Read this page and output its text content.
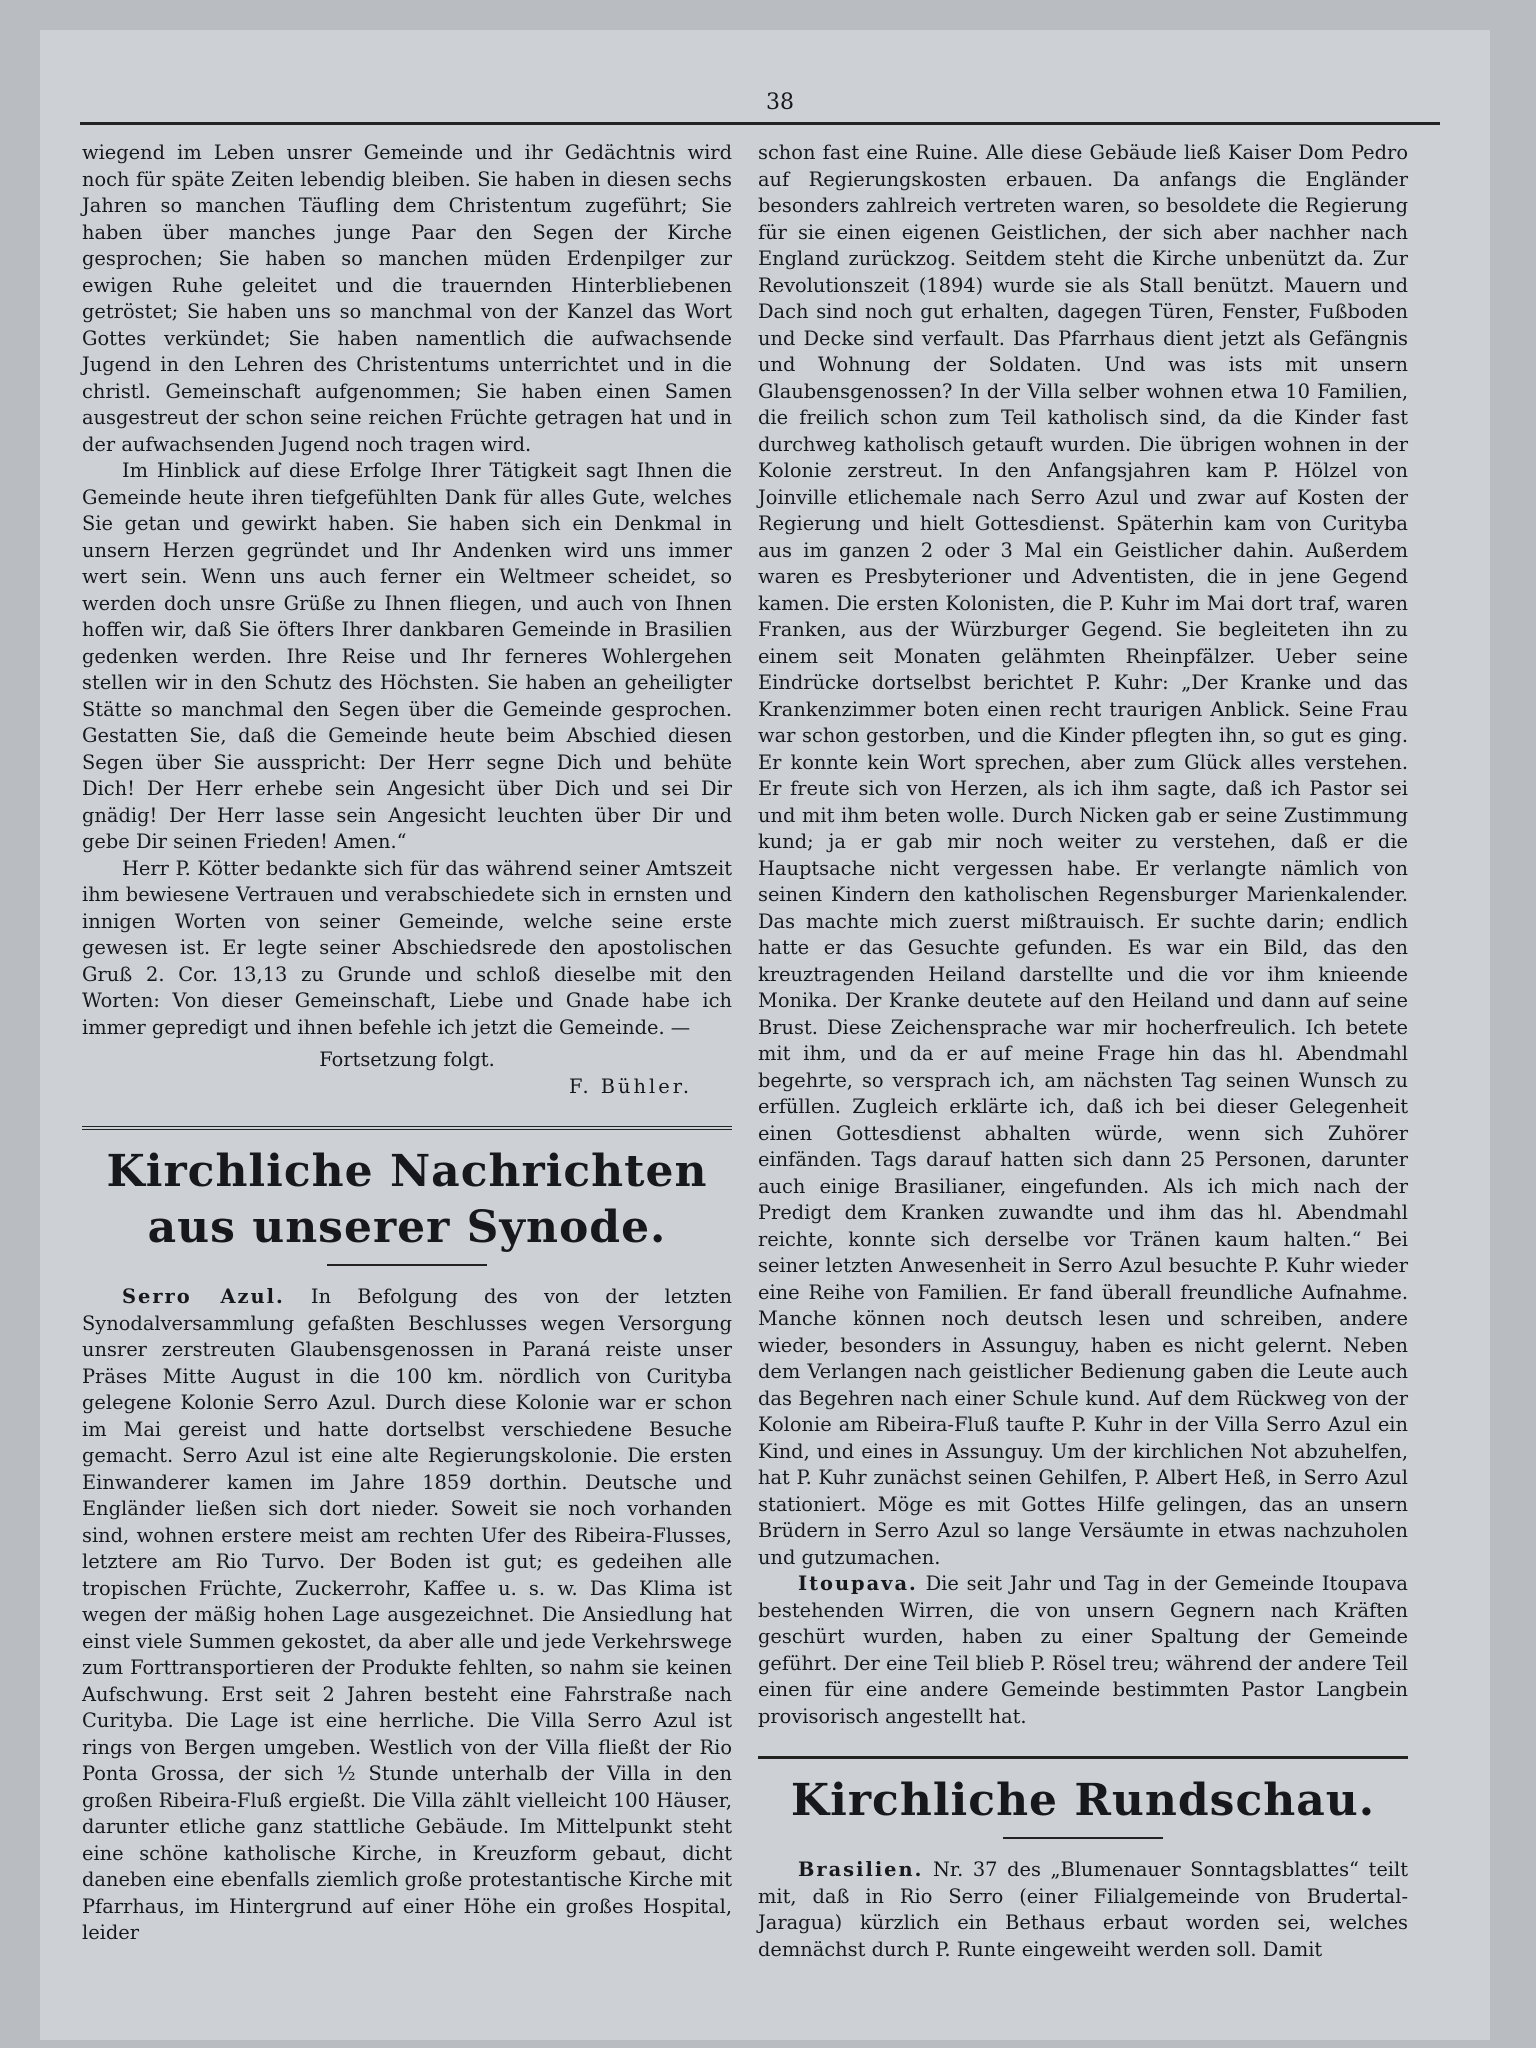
38

wiegend im Leben unsrer Gemeinde und ihr Gedächtnis wird noch für späte Zeiten lebendig bleiben. Sie haben in diesen sechs Jahren so manchen Täufling dem Christentum zugeführt; Sie haben über manches junge Paar den Segen der Kirche gesprochen; Sie haben so manchen müden Erdenpilger zur ewigen Ruhe geleitet und die trauernden Hinterbliebenen getröstet; Sie haben uns so manchmal von der Kanzel das Wort Gottes verkündet; Sie haben namentlich die aufwachsende Jugend in den Lehren des Christentums unterrichtet und in die christl. Gemeinschaft aufgenommen; Sie haben einen Samen ausgestreut der schon seine reichen Früchte getragen hat und in der aufwachsenden Jugend noch tragen wird.

Im Hinblick auf diese Erfolge Ihrer Tätigkeit sagt Ihnen die Gemeinde heute ihren tiefgefühlten Dank für alles Gute, welches Sie getan und gewirkt haben. Sie haben sich ein Denkmal in unsern Herzen gegründet und Ihr Andenken wird uns immer wert sein. Wenn uns auch ferner ein Weltmeer scheidet, so werden doch unsre Grüße zu Ihnen fliegen, und auch von Ihnen hoffen wir, daß Sie öfters Ihrer dankbaren Gemeinde in Brasilien gedenken werden. Ihre Reise und Ihr ferneres Wohlergehen stellen wir in den Schutz des Höchsten. Sie haben an geheiligter Stätte so manchmal den Segen über die Gemeinde gesprochen. Gestatten Sie, daß die Gemeinde heute beim Abschied diesen Segen über Sie ausspricht: Der Herr segne Dich und behüte Dich! Der Herr erhebe sein Angesicht über Dich und sei Dir gnädig! Der Herr lasse sein Angesicht leuchten über Dir und gebe Dir seinen Frieden! Amen.“

Herr P. Kötter bedankte sich für das während seiner Amtszeit ihm bewiesene Vertrauen und verabschiedete sich in ernsten und innigen Worten von seiner Gemeinde, welche seine erste gewesen ist. Er legte seiner Abschiedsrede den apostolischen Gruß 2. Cor. 13,13 zu Grunde und schloß dieselbe mit den Worten: Von dieser Gemeinschaft, Liebe und Gnade habe ich immer gepredigt und ihnen befehle ich jetzt die Gemeinde. —

Fortsetzung folgt.
F. Bühler.
Kirchliche Nachrichten aus unserer Synode.

Serro Azul. In Befolgung des von der letzten Synodalversammlung gefaßten Beschlusses wegen Versorgung unsrer zerstreuten Glaubensgenossen in Paraná reiste unser Präses Mitte August in die 100 km. nördlich von Curityba gelegene Kolonie Serro Azul. Durch diese Kolonie war er schon im Mai gereist und hatte dortselbst verschiedene Besuche gemacht. Serro Azul ist eine alte Regierungskolonie. Die ersten Einwanderer kamen im Jahre 1859 dorthin. Deutsche und Engländer ließen sich dort nieder. Soweit sie noch vorhanden sind, wohnen erstere meist am rechten Ufer des Ribeira-Flusses, letztere am Rio Turvo. Der Boden ist gut; es gedeihen alle tropischen Früchte, Zuckerrohr, Kaffee u. s. w. Das Klima ist wegen der mäßig hohen Lage ausgezeichnet. Die Ansiedlung hat einst viele Summen gekostet, da aber alle und jede Verkehrswege zum Forttransportieren der Produkte fehlten, so nahm sie keinen Aufschwung. Erst seit 2 Jahren besteht eine Fahrstraße nach Curityba. Die Lage ist eine herrliche. Die Villa Serro Azul ist rings von Bergen umgeben. Westlich von der Villa fließt der Rio Ponta Grossa, der sich ½ Stunde unterhalb der Villa in den großen Ribeira-Fluß ergießt. Die Villa zählt vielleicht 100 Häuser, darunter etliche ganz stattliche Gebäude. Im Mittelpunkt steht eine schöne katholische Kirche, in Kreuzform gebaut, dicht daneben eine ebenfalls ziemlich große protestantische Kirche mit Pfarrhaus, im Hintergrund auf einer Höhe ein großes Hospital, leider

schon fast eine Ruine. Alle diese Gebäude ließ Kaiser Dom Pedro auf Regierungskosten erbauen. Da anfangs die Engländer besonders zahlreich vertreten waren, so besoldete die Regierung für sie einen eigenen Geistlichen, der sich aber nachher nach England zurückzog. Seitdem steht die Kirche unbenützt da. Zur Revolutionszeit (1894) wurde sie als Stall benützt. Mauern und Dach sind noch gut erhalten, dagegen Türen, Fenster, Fußboden und Decke sind verfault. Das Pfarrhaus dient jetzt als Gefängnis und Wohnung der Soldaten. Und was ists mit unsern Glaubensgenossen? In der Villa selber wohnen etwa 10 Familien, die freilich schon zum Teil katholisch sind, da die Kinder fast durchweg katholisch getauft wurden. Die übrigen wohnen in der Kolonie zerstreut. In den Anfangsjahren kam P. Hölzel von Joinville etlichemale nach Serro Azul und zwar auf Kosten der Regierung und hielt Gottesdienst. Späterhin kam von Curityba aus im ganzen 2 oder 3 Mal ein Geistlicher dahin. Außerdem waren es Presbyterioner und Adventisten, die in jene Gegend kamen. Die ersten Kolonisten, die P. Kuhr im Mai dort traf, waren Franken, aus der Würzburger Gegend. Sie begleiteten ihn zu einem seit Monaten gelähmten Rheinpfälzer. Ueber seine Eindrücke dortselbst berichtet P. Kuhr: „Der Kranke und das Krankenzimmer boten einen recht traurigen Anblick. Seine Frau war schon gestorben, und die Kinder pflegten ihn, so gut es ging. Er konnte kein Wort sprechen, aber zum Glück alles verstehen. Er freute sich von Herzen, als ich ihm sagte, daß ich Pastor sei und mit ihm beten wolle. Durch Nicken gab er seine Zustimmung kund; ja er gab mir noch weiter zu verstehen, daß er die Hauptsache nicht vergessen habe. Er verlangte nämlich von seinen Kindern den katholischen Regensburger Marienkalender. Das machte mich zuerst mißtrauisch. Er suchte darin; endlich hatte er das Gesuchte gefunden. Es war ein Bild, das den kreuztragenden Heiland darstellte und die vor ihm knieende Monika. Der Kranke deutete auf den Heiland und dann auf seine Brust. Diese Zeichensprache war mir hocherfreulich. Ich betete mit ihm, und da er auf meine Frage hin das hl. Abendmahl begehrte, so versprach ich, am nächsten Tag seinen Wunsch zu erfüllen. Zugleich erklärte ich, daß ich bei dieser Gelegenheit einen Gottesdienst abhalten würde, wenn sich Zuhörer einfänden. Tags darauf hatten sich dann 25 Personen, darunter auch einige Brasilianer, eingefunden. Als ich mich nach der Predigt dem Kranken zuwandte und ihm das hl. Abendmahl reichte, konnte sich derselbe vor Tränen kaum halten.“ Bei seiner letzten Anwesenheit in Serro Azul besuchte P. Kuhr wieder eine Reihe von Familien. Er fand überall freundliche Aufnahme. Manche können noch deutsch lesen und schreiben, andere wieder, besonders in Assunguy, haben es nicht gelernt. Neben dem Verlangen nach geistlicher Bedienung gaben die Leute auch das Begehren nach einer Schule kund. Auf dem Rückweg von der Kolonie am Ribeira-Fluß taufte P. Kuhr in der Villa Serro Azul ein Kind, und eines in Assunguy. Um der kirchlichen Not abzuhelfen, hat P. Kuhr zunächst seinen Gehilfen, P. Albert Heß, in Serro Azul stationiert. Möge es mit Gottes Hilfe gelingen, das an unsern Brüdern in Serro Azul so lange Versäumte in etwas nachzuholen und gutzumachen.

Itoupava. Die seit Jahr und Tag in der Gemeinde Itoupava bestehenden Wirren, die von unsern Gegnern nach Kräften geschürt wurden, haben zu einer Spaltung der Gemeinde geführt. Der eine Teil blieb P. Rösel treu; während der andere Teil einen für eine andere Gemeinde bestimmten Pastor Langbein provisorisch angestellt hat.

Kirchliche Rundschau.

Brasilien. Nr. 37 des „Blumenauer Sonntagsblattes“ teilt mit, daß in Rio Serro (einer Filialgemeinde von Brudertal-Jaragua) kürzlich ein Bethaus erbaut worden sei, welches demnächst durch P. Runte eingeweiht werden soll. Damit
